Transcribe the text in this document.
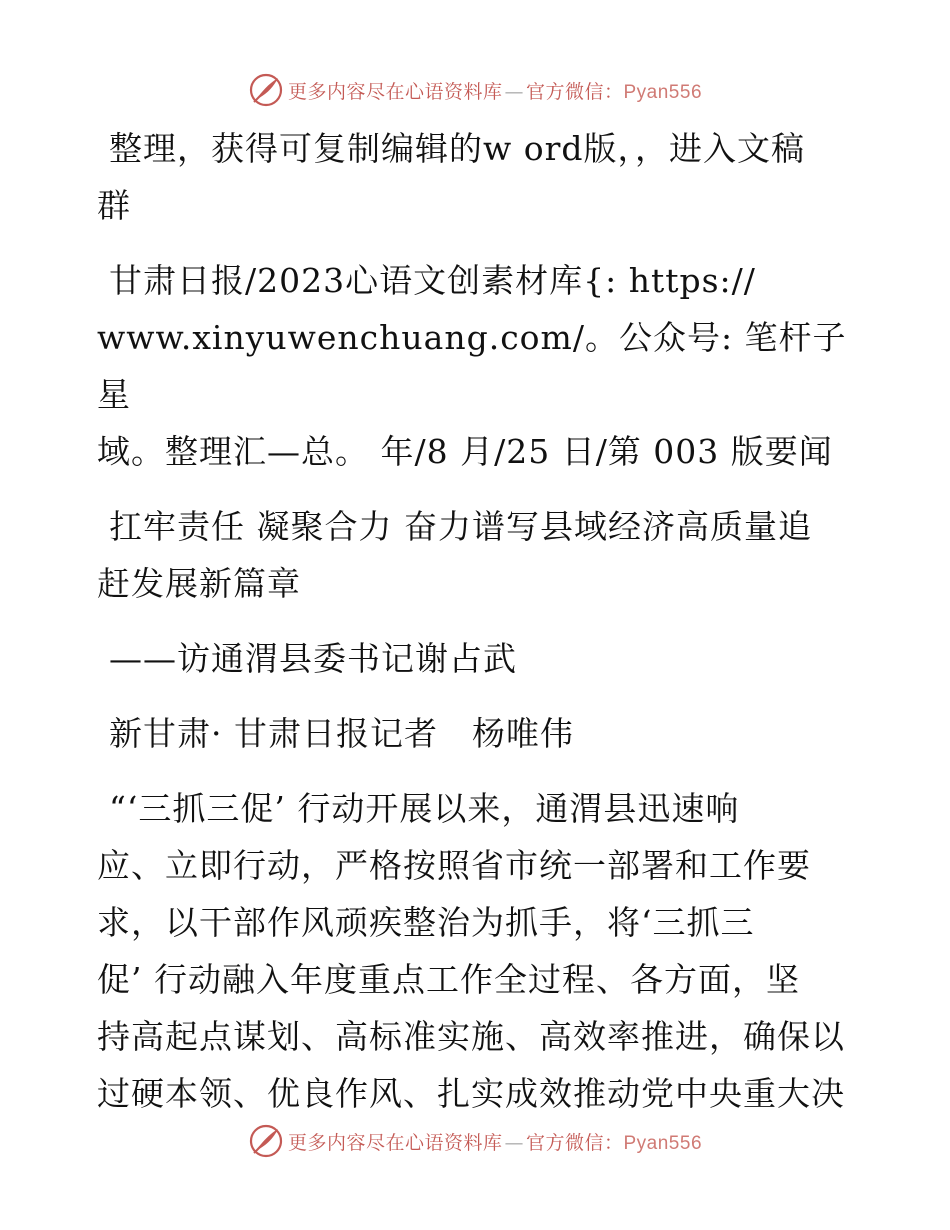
更多内容尽在心语资料库 — 官方微信：Pyan556
整理，获得可复制编辑的w ord版，，进入文稿
群
甘肃日报/2023心语文创素材库{: https://
www.xinyuwenchuang.com/。公众号: 笔杆子星
域。整理汇—总。 年/8 月/25 日/第 003 版要闻
扛牢责任 凝聚合力 奋力谱写县域经济高质量追
赶发展新篇章
——访通渭县委书记谢占武
新甘肃· 甘肃日报记者　杨唯伟
“‘三抓三促’ 行动开展以来，通渭县迅速响
应、立即行动，严格按照省市统一部署和工作要
求，以干部作风顽疾整治为抓手，将‘三抓三
促’ 行动融入年度重点工作全过程、各方面，坚
持高起点谋划、高标准实施、高效率推进，确保以
过硬本领、优良作风、扎实成效推动党中央重大决
更多内容尽在心语资料库 — 官方微信：Pyan556
